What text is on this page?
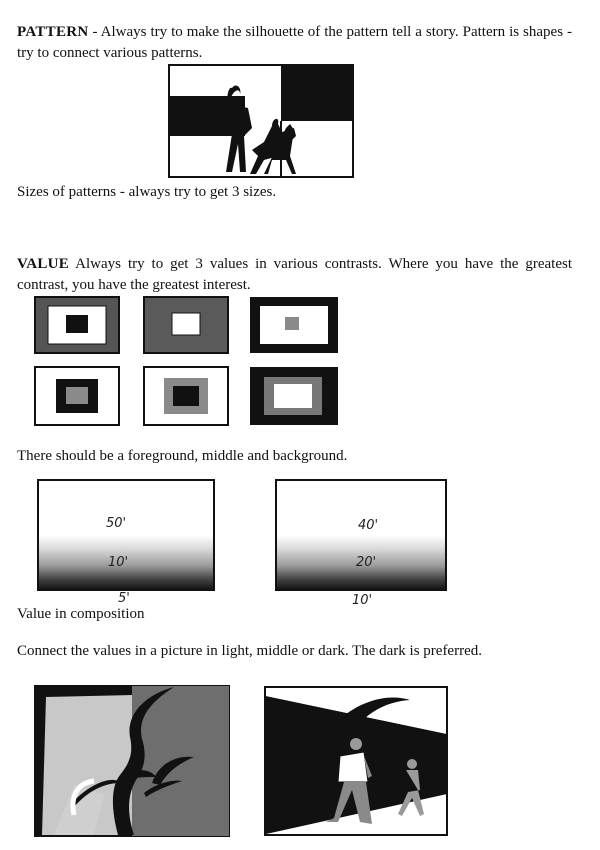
PATTERN - Always try to make the silhouette of the pattern tell a story. Pattern is shapes - try to connect various patterns.

Sizes of patterns - always try to get 3 sizes.

VALUE Always try to get 3 values in various contrasts. Where you have the greatest contrast, you have the greatest interest.

There should be a foreground, middle and background.

50'
10'
5'
40'
20'
10'

Value in composition

Connect the values in a picture in light, middle or dark. The dark is preferred.
